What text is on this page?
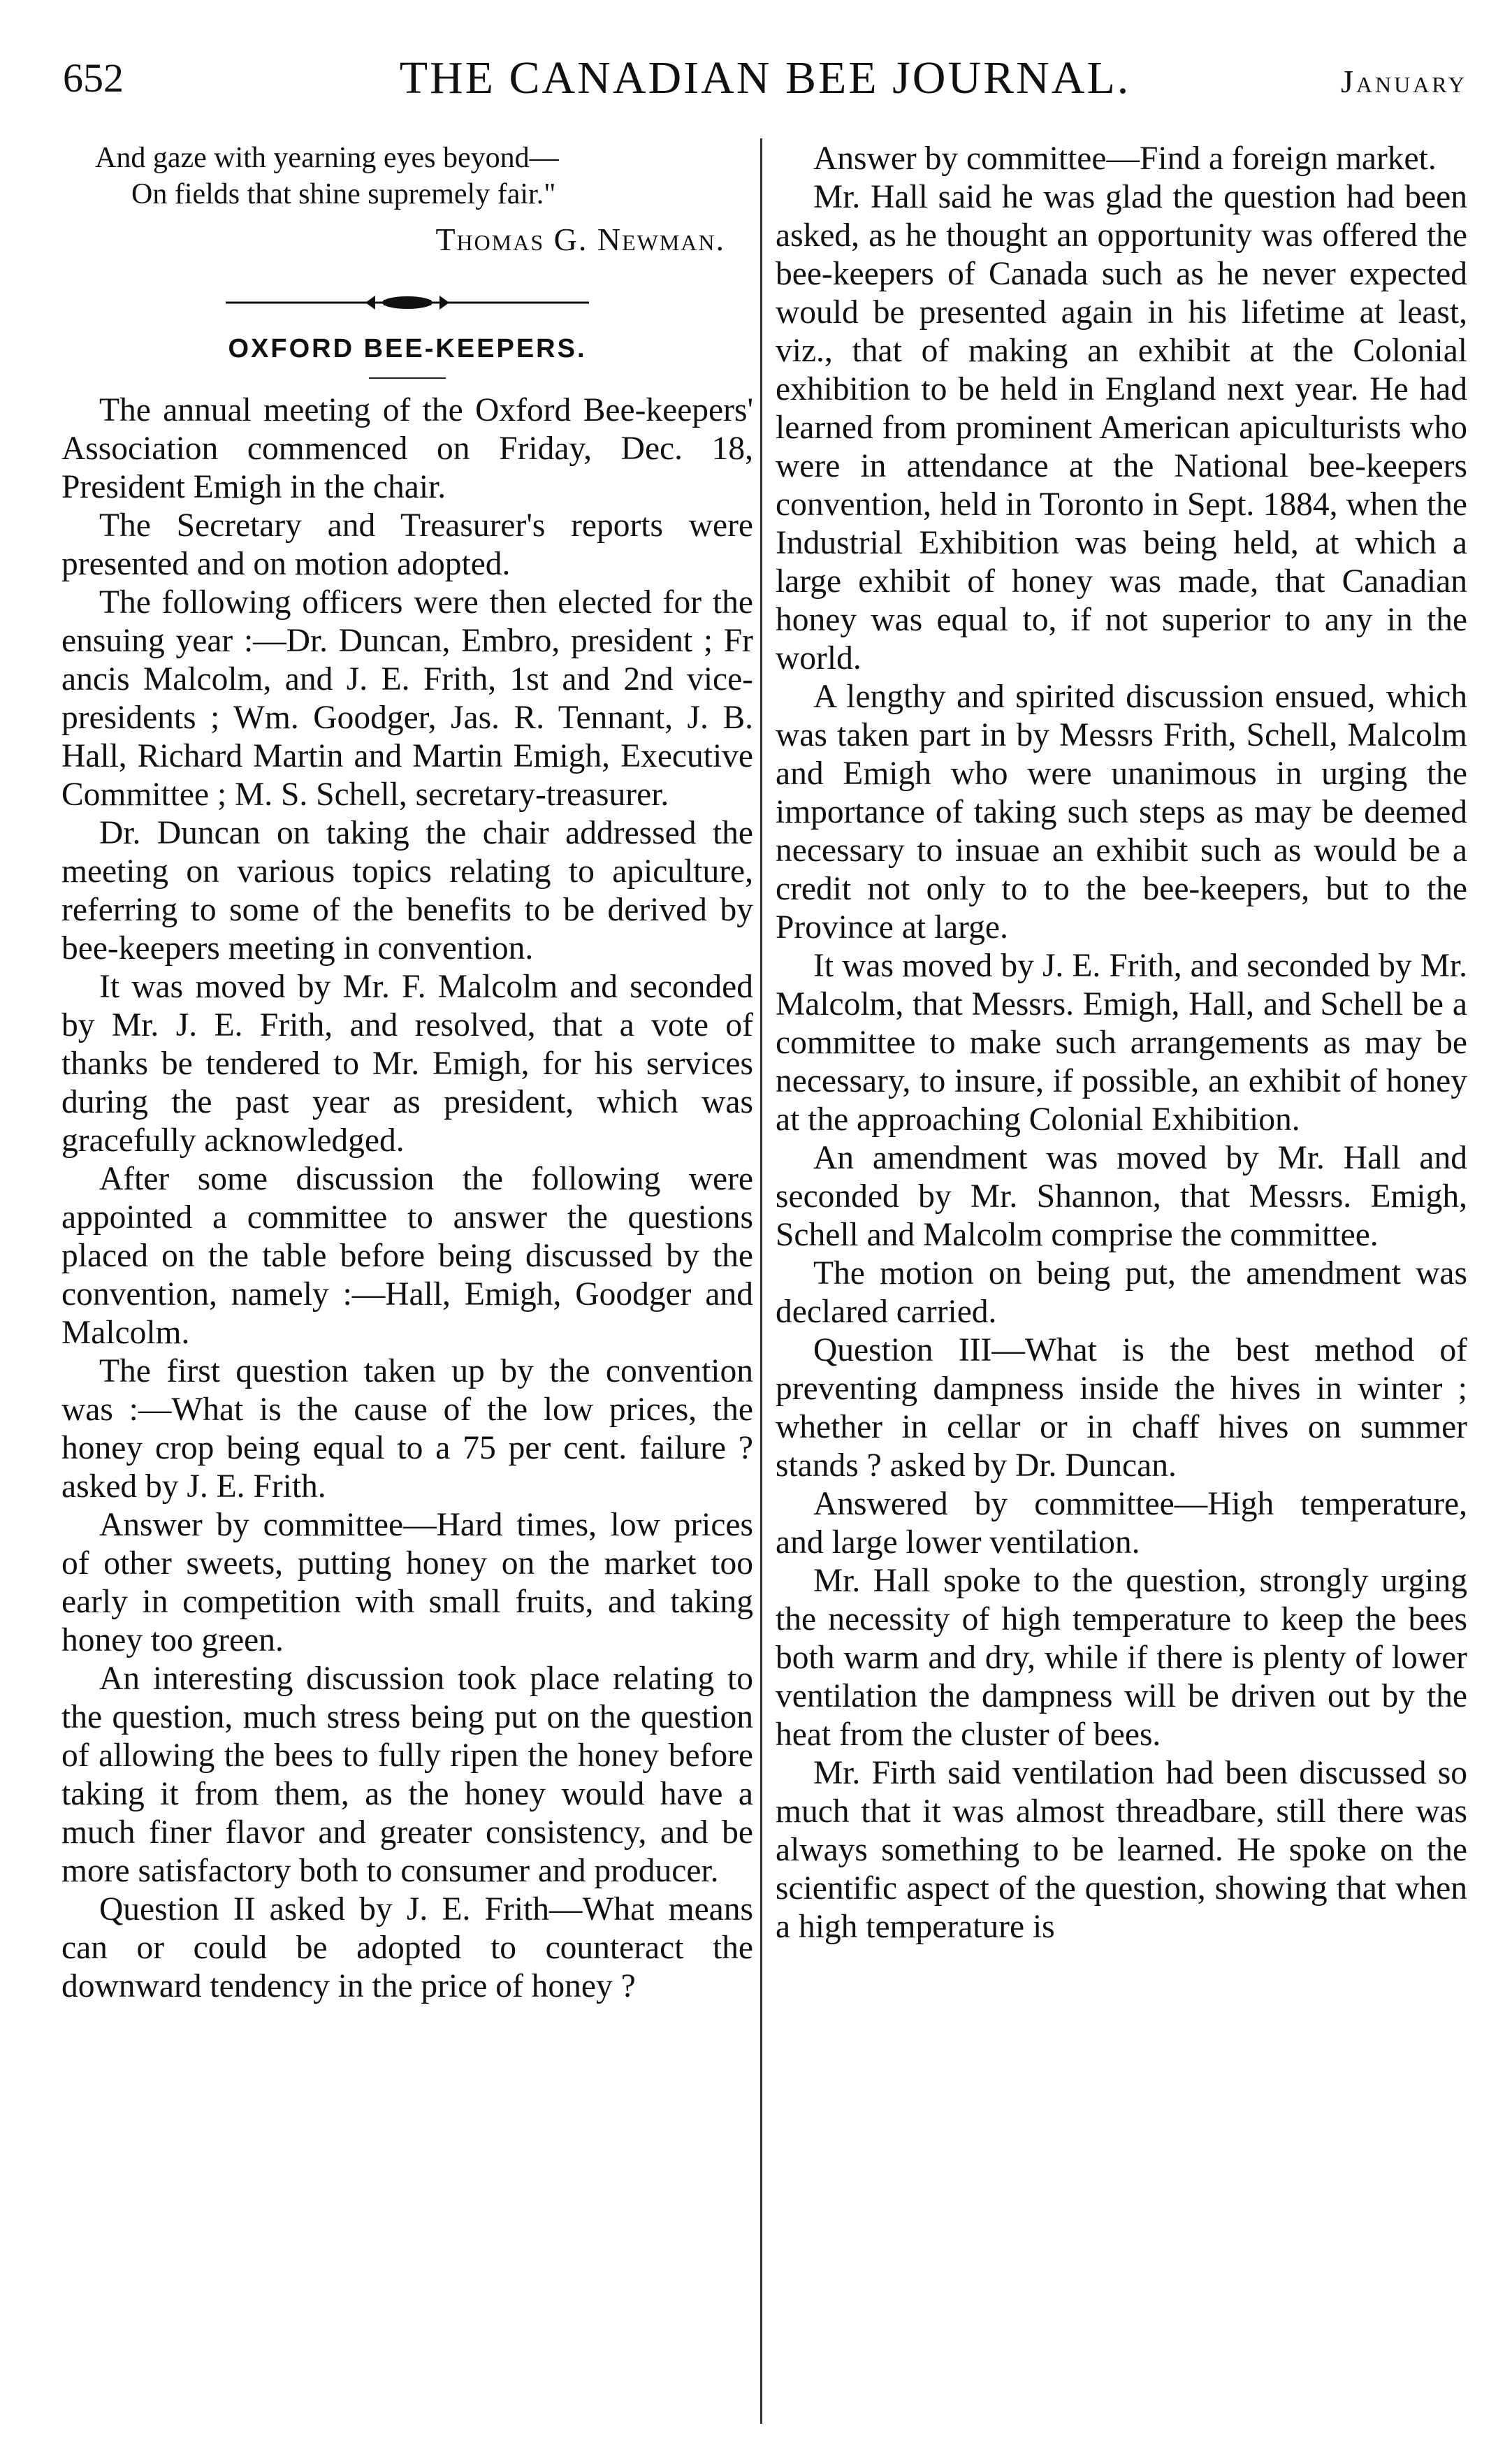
652	THE CANADIAN BEE JOURNAL.	January
And gaze with yearning eyes beyond—
On fields that shine supremely fair."
Thomas G. Newman.
OXFORD BEE-KEEPERS.

The annual meeting of the Oxford Bee-keepers' Association commenced on Friday, Dec. 18, President Emigh in the chair.

The Secretary and Treasurer's reports were presented and on motion adopted.

The following officers were then elected for the ensuing year :—Dr. Duncan, Embro, president ; Fr ancis Malcolm, and J. E. Frith, 1st and 2nd vice-presidents ; Wm. Goodger, Jas. R. Tennant, J. B. Hall, Richard Martin and Martin Emigh, Executive Committee ; M. S. Schell, secretary-treasurer.

Dr. Duncan on taking the chair addressed the meeting on various topics relating to apiculture, referring to some of the benefits to be derived by bee-keepers meeting in convention.

It was moved by Mr. F. Malcolm and seconded by Mr. J. E. Frith, and resolved, that a vote of thanks be tendered to Mr. Emigh, for his services during the past year as president, which was gracefully acknowledged.

After some discussion the following were appointed a committee to answer the questions placed on the table before being discussed by the convention, namely :—Hall, Emigh, Goodger and Malcolm.

The first question taken up by the convention was :—What is the cause of the low prices, the honey crop being equal to a 75 per cent. failure ? asked by J. E. Frith.

Answer by committee—Hard times, low prices of other sweets, putting honey on the market too early in competition with small fruits, and taking honey too green.

An interesting discussion took place relating to the question, much stress being put on the question of allowing the bees to fully ripen the honey before taking it from them, as the honey would have a much finer flavor and greater consistency, and be more satisfactory both to consumer and producer.

Question II asked by J. E. Frith—What means can or could be adopted to counteract the downward tendency in the price of honey ?

Answer by committee—Find a foreign market.

Mr. Hall said he was glad the question had been asked, as he thought an opportunity was offered the bee-keepers of Canada such as he never expected would be presented again in his lifetime at least, viz., that of making an exhibit at the Colonial exhibition to be held in England next year. He had learned from prominent American apiculturists who were in attendance at the National bee-keepers convention, held in Toronto in Sept. 1884, when the Industrial Exhibition was being held, at which a large exhibit of honey was made, that Canadian honey was equal to, if not superior to any in the world.

A lengthy and spirited discussion ensued, which was taken part in by Messrs Frith, Schell, Malcolm and Emigh who were unanimous in urging the importance of taking such steps as may be deemed necessary to insuae an exhibit such as would be a credit not only to to the bee-keepers, but to the Province at large.

It was moved by J. E. Frith, and seconded by Mr. Malcolm, that Messrs. Emigh, Hall, and Schell be a committee to make such arrangements as may be necessary, to insure, if possible, an exhibit of honey at the approaching Colonial Exhibition.

An amendment was moved by Mr. Hall and seconded by Mr. Shannon, that Messrs. Emigh, Schell and Malcolm comprise the committee.

The motion on being put, the amendment was declared carried.

Question III—What is the best method of preventing dampness inside the hives in winter ; whether in cellar or in chaff hives on summer stands ? asked by Dr. Duncan.

Answered by committee—High temperature, and large lower ventilation.

Mr. Hall spoke to the question, strongly urging the necessity of high temperature to keep the bees both warm and dry, while if there is plenty of lower ventilation the dampness will be driven out by the heat from the cluster of bees.

Mr. Firth said ventilation had been discussed so much that it was almost threadbare, still there was always something to be learned. He spoke on the scientific aspect of the question, showing that when a high temperature is
